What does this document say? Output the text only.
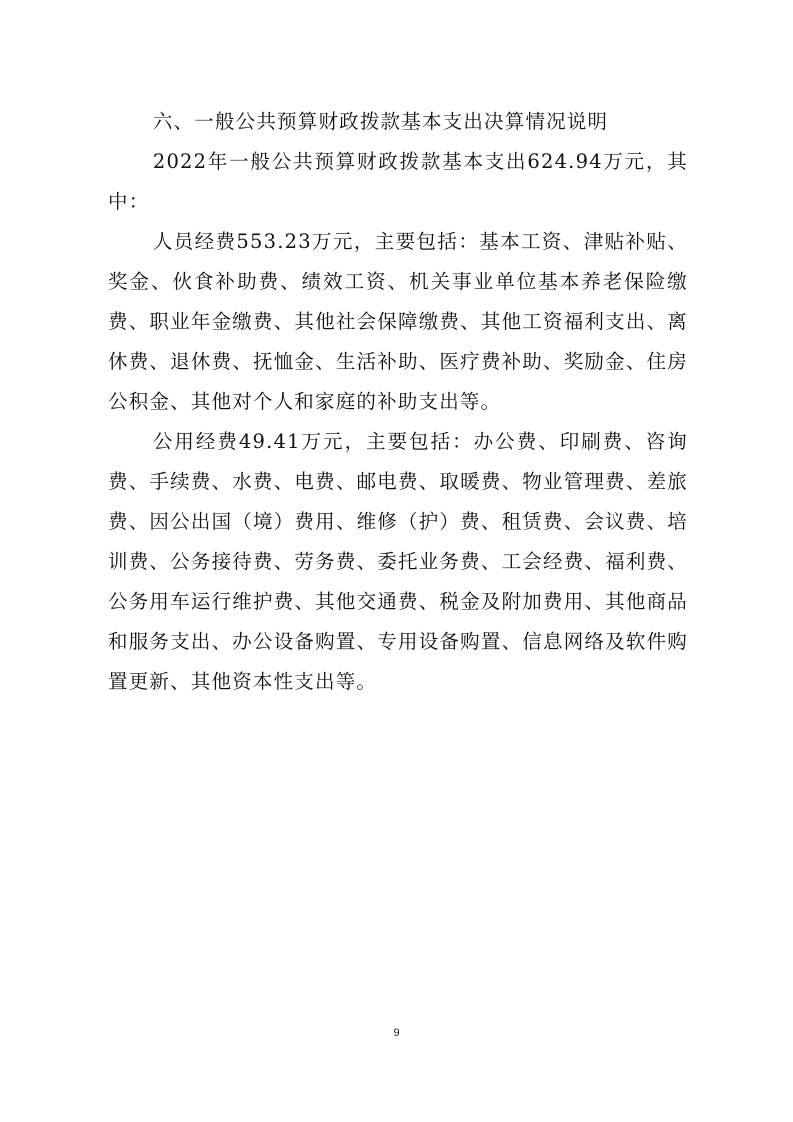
六、一般公共预算财政拨款基本支出决算情况说明

2022年一般公共预算财政拨款基本支出624.94万元，其中：

人员经费553.23万元，主要包括：基本工资、津贴补贴、奖金、伙食补助费、绩效工资、机关事业单位基本养老保险缴费、职业年金缴费、其他社会保障缴费、其他工资福利支出、离休费、退休费、抚恤金、生活补助、医疗费补助、奖励金、住房公积金、其他对个人和家庭的补助支出等。

公用经费49.41万元，主要包括：办公费、印刷费、咨询费、手续费、水费、电费、邮电费、取暖费、物业管理费、差旅费、因公出国（境）费用、维修（护）费、租赁费、会议费、培训费、公务接待费、劳务费、委托业务费、工会经费、福利费、公务用车运行维护费、其他交通费、税金及附加费用、其他商品和服务支出、办公设备购置、专用设备购置、信息网络及软件购置更新、其他资本性支出等。

9
